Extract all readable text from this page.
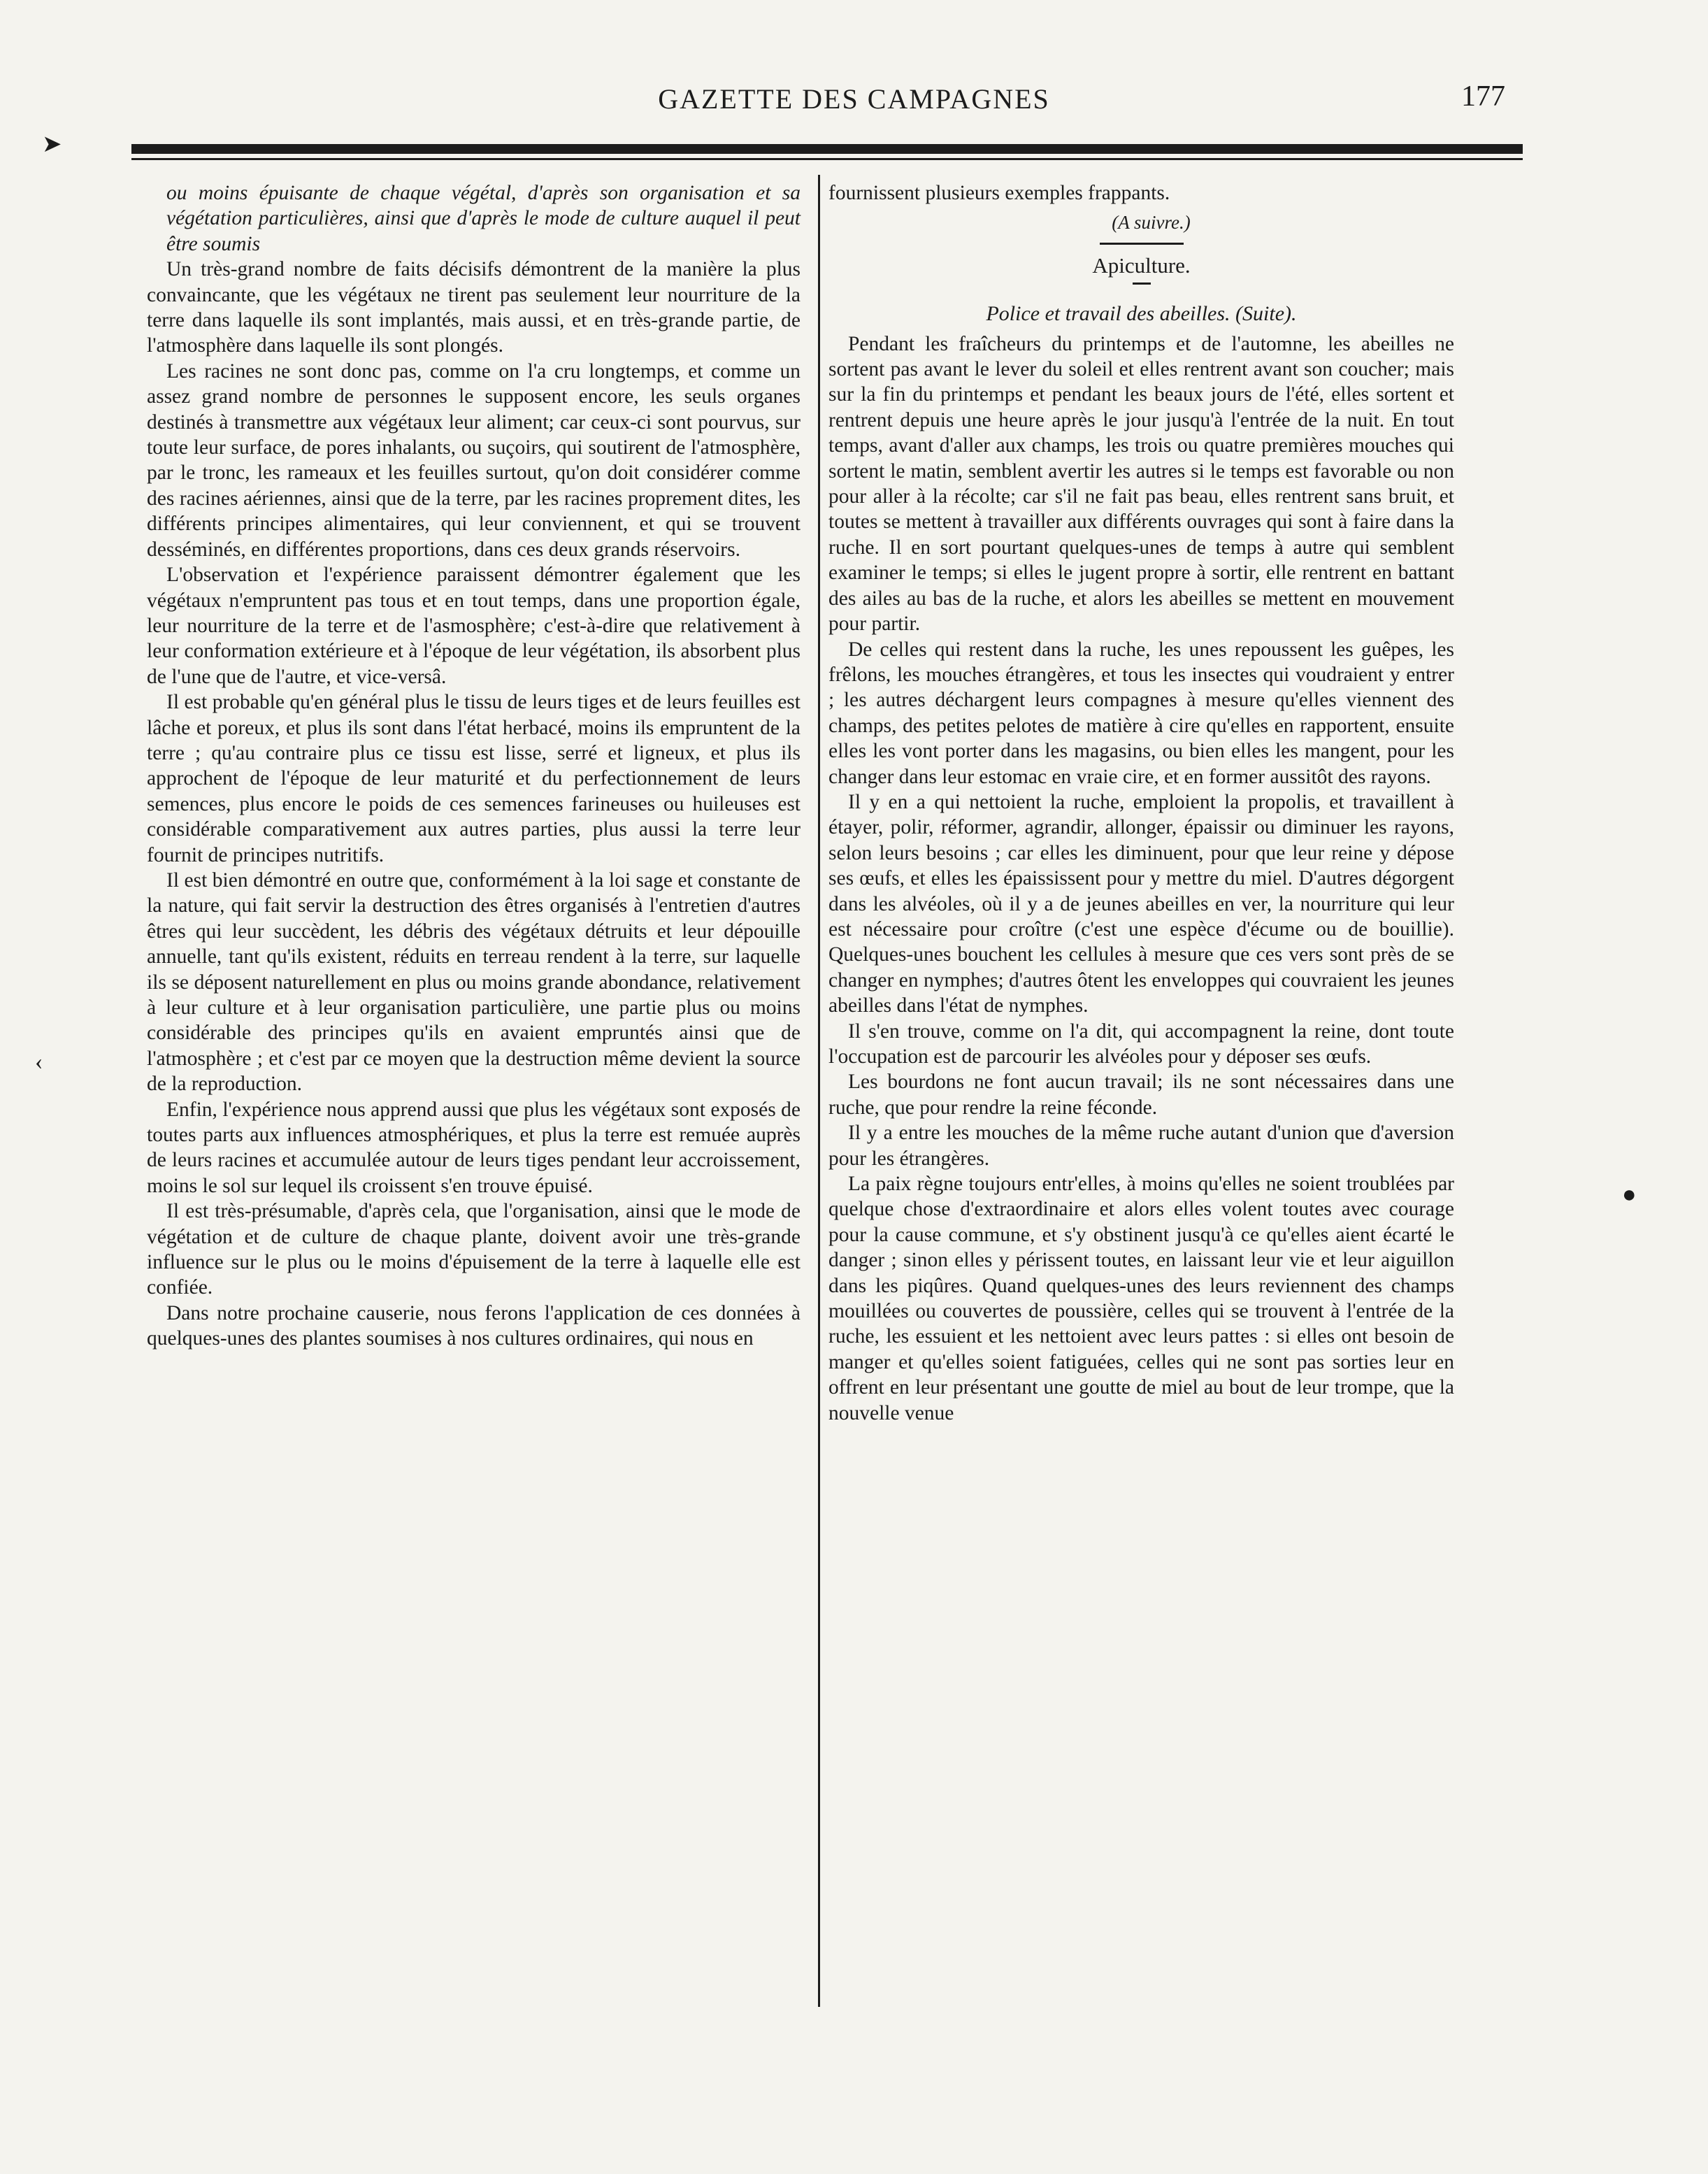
GAZETTE DES CAMPAGNES	177
➤
‹
●

ou moins épuisante de chaque végétal, d'après son organisation et sa végétation particulières, ainsi que d'après le mode de culture auquel il peut être soumis

Un très-grand nombre de faits décisifs démontrent de la manière la plus convaincante, que les végétaux ne tirent pas seulement leur nourriture de la terre dans laquelle ils sont implantés, mais aussi, et en très-grande partie, de l'atmosphère dans laquelle ils sont plongés.

Les racines ne sont donc pas, comme on l'a cru longtemps, et comme un assez grand nombre de personnes le supposent encore, les seuls organes destinés à transmettre aux végétaux leur aliment; car ceux-ci sont pourvus, sur toute leur surface, de pores inhalants, ou suçoirs, qui soutirent de l'atmosphère, par le tronc, les rameaux et les feuilles surtout, qu'on doit considérer comme des racines aériennes, ainsi que de la terre, par les racines proprement dites, les différents principes alimentaires, qui leur conviennent, et qui se trouvent desséminés, en différentes proportions, dans ces deux grands réservoirs.

L'observation et l'expérience paraissent démontrer également que les végétaux n'empruntent pas tous et en tout temps, dans une proportion égale, leur nourriture de la terre et de l'asmosphère; c'est-à-dire que relativement à leur conformation extérieure et à l'époque de leur végétation, ils absorbent plus de l'une que de l'autre, et vice-versâ.

Il est probable qu'en général plus le tissu de leurs tiges et de leurs feuilles est lâche et poreux, et plus ils sont dans l'état herbacé, moins ils empruntent de la terre ; qu'au contraire plus ce tissu est lisse, serré et ligneux, et plus ils approchent de l'époque de leur maturité et du perfectionnement de leurs semences, plus encore le poids de ces semences farineuses ou huileuses est considérable comparativement aux autres parties, plus aussi la terre leur fournit de principes nutritifs.

Il est bien démontré en outre que, conformément à la loi sage et constante de la nature, qui fait servir la destruction des êtres organisés à l'entretien d'autres êtres qui leur succèdent, les débris des végétaux détruits et leur dépouille annuelle, tant qu'ils existent, réduits en terreau rendent à la terre, sur laquelle ils se déposent naturellement en plus ou moins grande abondance, relativement à leur culture et à leur organisation particulière, une partie plus ou moins considérable des principes qu'ils en avaient empruntés ainsi que de l'atmosphère ; et c'est par ce moyen que la destruction même devient la source de la reproduction.

Enfin, l'expérience nous apprend aussi que plus les végétaux sont exposés de toutes parts aux influences atmosphériques, et plus la terre est remuée auprès de leurs racines et accumulée autour de leurs tiges pendant leur accroissement, moins le sol sur lequel ils croissent s'en trouve épuisé.

Il est très-présumable, d'après cela, que l'organisation, ainsi que le mode de végétation et de culture de chaque plante, doivent avoir une très-grande influence sur le plus ou le moins d'épuisement de la terre à laquelle elle est confiée.

Dans notre prochaine causerie, nous ferons l'application de ces données à quelques-unes des plantes soumises à nos cultures ordinaires, qui nous en

fournissent plusieurs exemples frappants.

(A suivre.)

Apiculture.
Police et travail des abeilles. (Suite).

Pendant les fraîcheurs du printemps et de l'automne, les abeilles ne sortent pas avant le lever du soleil et elles rentrent avant son coucher; mais sur la fin du printemps et pendant les beaux jours de l'été, elles sortent et rentrent depuis une heure après le jour jusqu'à l'entrée de la nuit. En tout temps, avant d'aller aux champs, les trois ou quatre premières mouches qui sortent le matin, semblent avertir les autres si le temps est favorable ou non pour aller à la récolte; car s'il ne fait pas beau, elles rentrent sans bruit, et toutes se mettent à travailler aux différents ouvrages qui sont à faire dans la ruche. Il en sort pourtant quelques-unes de temps à autre qui semblent examiner le temps; si elles le jugent propre à sortir, elle rentrent en battant des ailes au bas de la ruche, et alors les abeilles se mettent en mouvement pour partir.

De celles qui restent dans la ruche, les unes repoussent les guêpes, les frêlons, les mouches étrangères, et tous les insectes qui voudraient y entrer ; les autres déchargent leurs compagnes à mesure qu'elles viennent des champs, des petites pelotes de matière à cire qu'elles en rapportent, ensuite elles les vont porter dans les magasins, ou bien elles les mangent, pour les changer dans leur estomac en vraie cire, et en former aussitôt des rayons.

Il y en a qui nettoient la ruche, emploient la propolis, et travaillent à étayer, polir, réformer, agrandir, allonger, épaissir ou diminuer les rayons, selon leurs besoins ; car elles les diminuent, pour que leur reine y dépose ses œufs, et elles les épaississent pour y mettre du miel. D'autres dégorgent dans les alvéoles, où il y a de jeunes abeilles en ver, la nourriture qui leur est nécessaire pour croître (c'est une espèce d'écume ou de bouillie). Quelques-unes bouchent les cellules à mesure que ces vers sont près de se changer en nymphes; d'autres ôtent les enveloppes qui couvraient les jeunes abeilles dans l'état de nymphes.

Il s'en trouve, comme on l'a dit, qui accompagnent la reine, dont toute l'occupation est de parcourir les alvéoles pour y déposer ses œufs.

Les bourdons ne font aucun travail; ils ne sont nécessaires dans une ruche, que pour rendre la reine féconde.

Il y a entre les mouches de la même ruche autant d'union que d'aversion pour les étrangères.

La paix règne toujours entr'elles, à moins qu'elles ne soient troublées par quelque chose d'extraordinaire et alors elles volent toutes avec courage pour la cause commune, et s'y obstinent jusqu'à ce qu'elles aient écarté le danger ; sinon elles y périssent toutes, en laissant leur vie et leur aiguillon dans les piqûres. Quand quelques-unes des leurs reviennent des champs mouillées ou couvertes de poussière, celles qui se trouvent à l'entrée de la ruche, les essuient et les nettoient avec leurs pattes : si elles ont besoin de manger et qu'elles soient fatiguées, celles qui ne sont pas sorties leur en offrent en leur présentant une goutte de miel au bout de leur trompe, que la nouvelle venue
